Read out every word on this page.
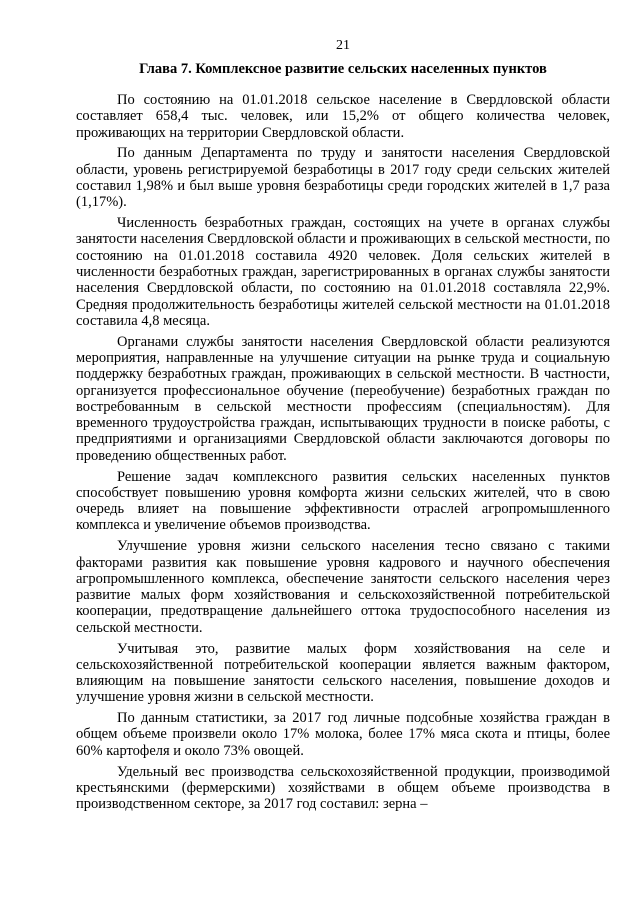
21
Глава 7. Комплексное развитие сельских населенных пунктов

По состоянию на 01.01.2018 сельское население в Свердловской области составляет 658,4 тыс. человек, или 15,2% от общего количества человек, проживающих на территории Свердловской области.

По данным Департамента по труду и занятости населения Свердловской области, уровень регистрируемой безработицы в 2017 году среди сельских жителей составил 1,98% и был выше уровня безработицы среди городских жителей в 1,7 раза (1,17%).

Численность безработных граждан, состоящих на учете в органах службы занятости населения Свердловской области и проживающих в сельской местности, по состоянию на 01.01.2018 составила 4920 человек. Доля сельских жителей в численности безработных граждан, зарегистрированных в органах службы занятости населения Свердловской области, по состоянию на 01.01.2018 составляла 22,9%. Средняя продолжительность безработицы жителей сельской местности на 01.01.2018 составила 4,8 месяца.

Органами службы занятости населения Свердловской области реализуются мероприятия, направленные на улучшение ситуации на рынке труда и социальную поддержку безработных граждан, проживающих в сельской местности. В частности, организуется профессиональное обучение (переобучение) безработных граждан по востребованным в сельской местности профессиям (специальностям). Для временного трудоустройства граждан, испытывающих трудности в поиске работы, с предприятиями и организациями Свердловской области заключаются договоры по проведению общественных работ.

Решение задач комплексного развития сельских населенных пунктов способствует повышению уровня комфорта жизни сельских жителей, что в свою очередь влияет на повышение эффективности отраслей агропромышленного комплекса и увеличение объемов производства.

Улучшение уровня жизни сельского населения тесно связано с такими факторами развития как повышение уровня кадрового и научного обеспечения агропромышленного комплекса, обеспечение занятости сельского населения через развитие малых форм хозяйствования и сельскохозяйственной потребительской кооперации, предотвращение дальнейшего оттока трудоспособного населения из сельской местности.

Учитывая это, развитие малых форм хозяйствования на селе и сельскохозяйственной потребительской кооперации является важным фактором, влияющим на повышение занятости сельского населения, повышение доходов и улучшение уровня жизни в сельской местности.

По данным статистики, за 2017 год личные подсобные хозяйства граждан в общем объеме произвели около 17% молока, более 17% мяса скота и птицы, более 60% картофеля и около 73% овощей.

Удельный вес производства сельскохозяйственной продукции, производимой крестьянскими (фермерскими) хозяйствами в общем объеме производства в производственном секторе, за 2017 год составил: зерна –
